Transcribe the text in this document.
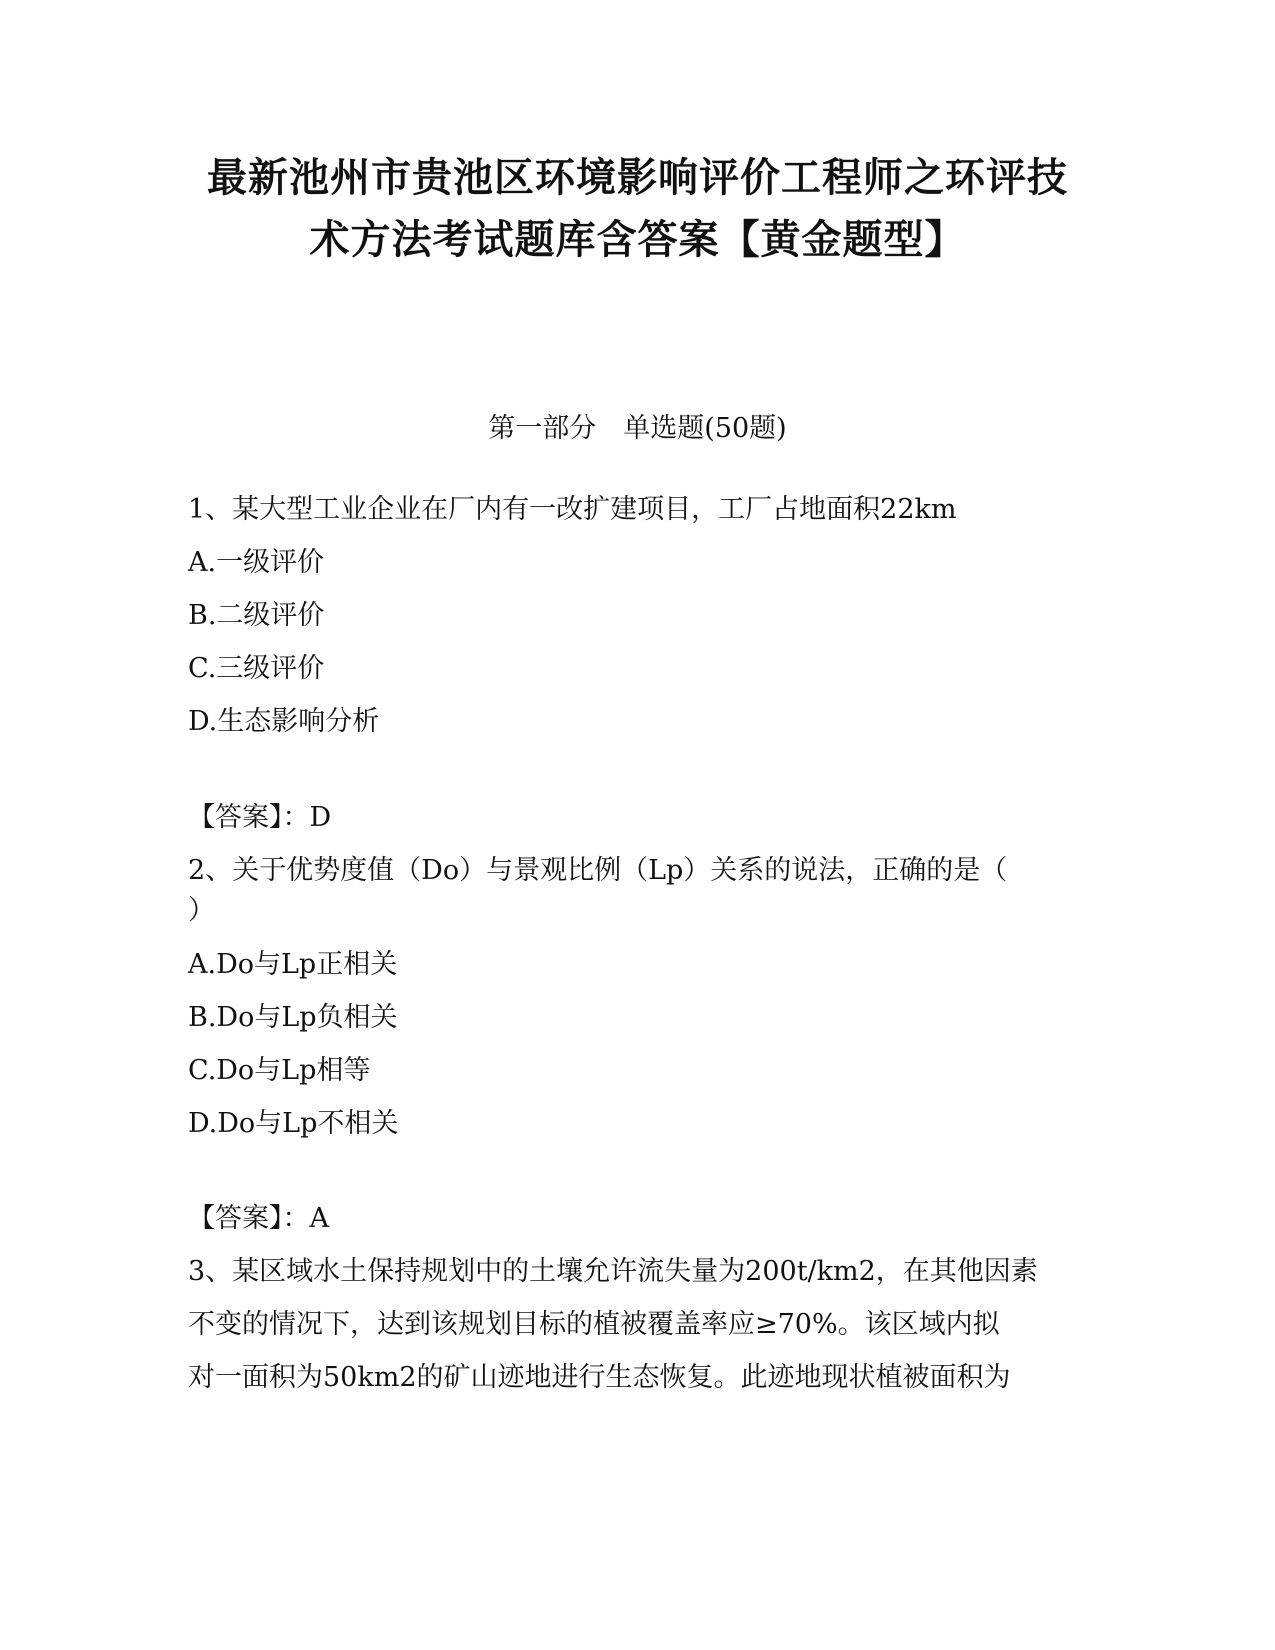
最新池州市贵池区环境影响评价工程师之环评技
术方法考试题库含答案【黄金题型】
第一部分　单选题(50题)
1、某大型工业企业在厂内有一改扩建项目，工厂占地面积22km
A.一级评价
B.二级评价
C.三级评价
D.生态影响分析
【答案】：D
2、关于优势度值（Do）与景观比例（Lp）关系的说法，正确的是（
）
A.Do与Lp正相关
B.Do与Lp负相关
C.Do与Lp相等
D.Do与Lp不相关
【答案】：A
3、某区域水土保持规划中的土壤允许流失量为200t/km2，在其他因素
不变的情况下，达到该规划目标的植被覆盖率应≥70%。该区域内拟
对一面积为50km2的矿山迹地进行生态恢复。此迹地现状植被面积为
